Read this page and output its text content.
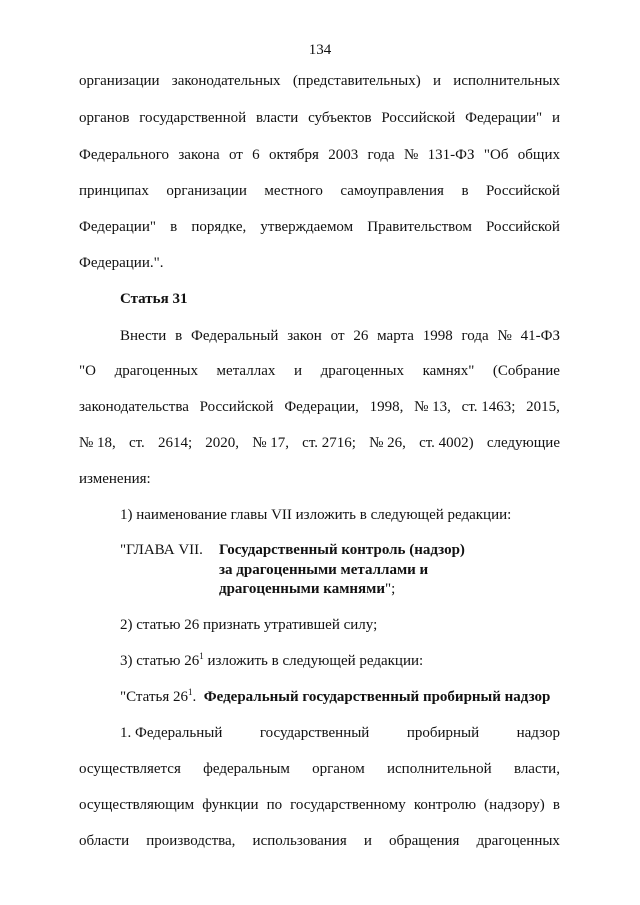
134
организации законодательных (представительных) и исполнительных
органов государственной власти субъектов Российской Федерации" и
Федерального закона от 6 октября 2003 года № 131-ФЗ "Об общих
принципах организации местного самоуправления в Российской
Федерации" в порядке, утверждаемом Правительством Российской
Федерации.".
Статья 31
Внести в Федеральный закон от 26 марта 1998 года № 41-ФЗ
"О драгоценных металлах и драгоценных камнях" (Собрание
законодательства Российской Федерации, 1998, № 13, ст. 1463; 2015,
№ 18, ст. 2614; 2020, № 17, ст. 2716; № 26, ст. 4002) следующие
изменения:
1) наименование главы VII изложить в следующей редакции:
"ГЛАВА VII. Государственный контроль (надзор)
за драгоценными металлами и
драгоценными камнями";
2) статью 26 признать утратившей силу;
3) статью $26^1$ изложить в следующей редакции:
"Статья $26^1$. Федеральный государственный пробирный надзор
1. Федеральный государственный пробирный надзор
осуществляется федеральным органом исполнительной власти,
осуществляющим функции по государственному контролю (надзору) в
области производства, использования и обращения драгоценных
